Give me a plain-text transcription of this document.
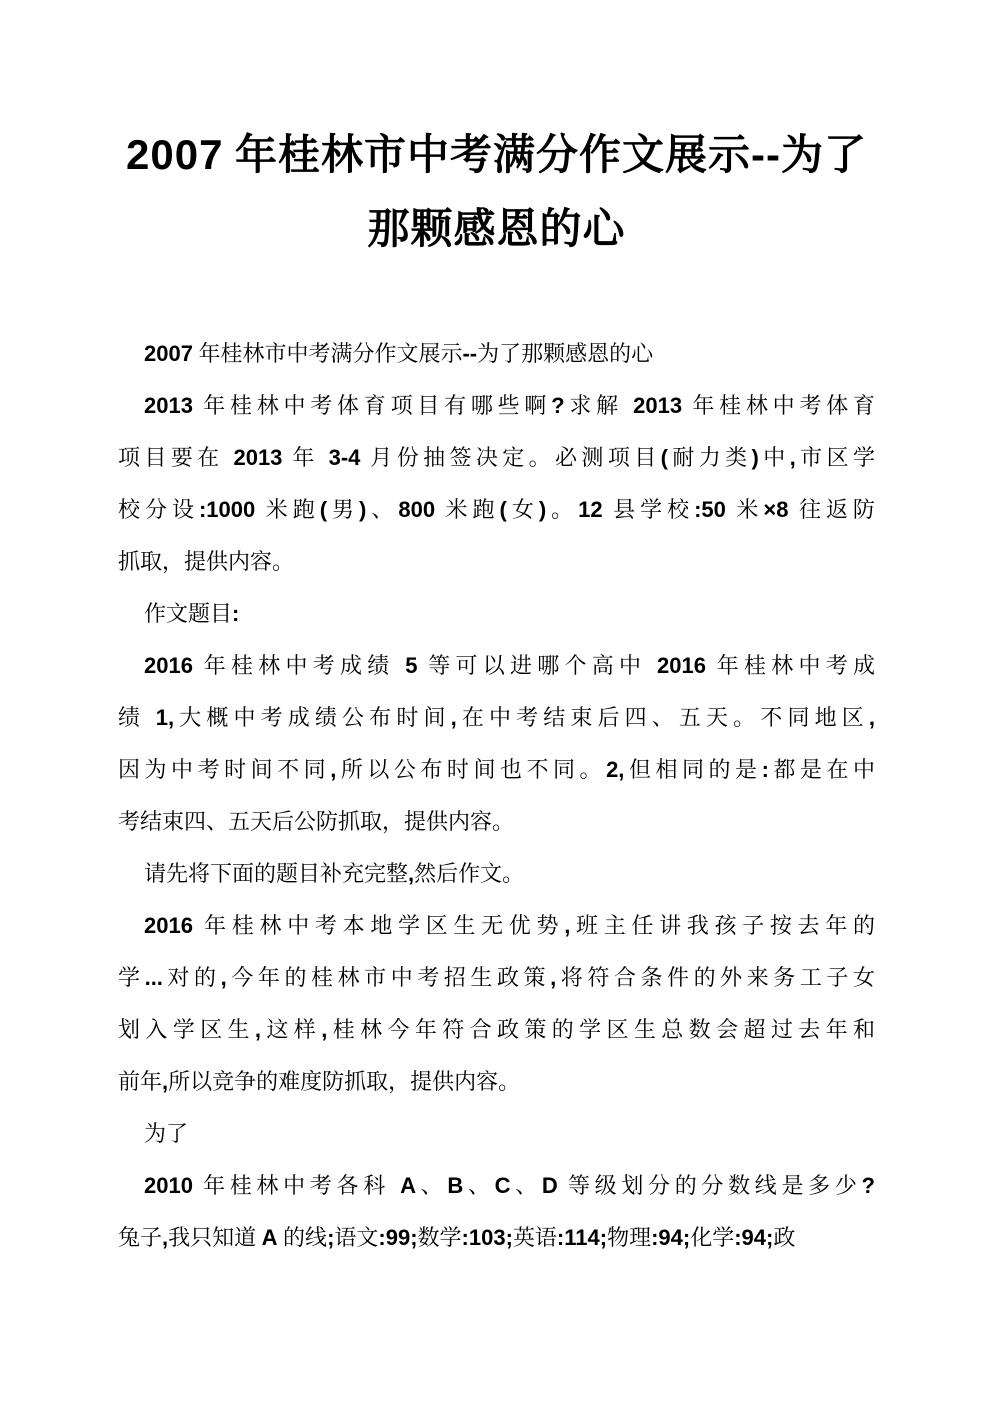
2007 年桂林市中考满分作文展示--为了
那颗感恩的心
2007 年桂林市中考满分作文展示--为了那颗感恩的心
2013 年桂林中考体育项目有哪些啊?求解 2013 年桂林中考体育
项目要在 2013 年 3-4 月份抽签决定。必测项目(耐力类)中,市区学
校分设:1000 米跑(男)、800 米跑(女)。12 县学校:50 米×8 往返防
抓取，提供内容。
作文题目:
2016 年桂林中考成绩 5 等可以进哪个高中 2016 年桂林中考成
绩 1,大概中考成绩公布时间,在中考结束后四、五天。不同地区,
因为中考时间不同,所以公布时间也不同。2,但相同的是:都是在中
考结束四、五天后公防抓取，提供内容。
请先将下面的题目补充完整,然后作文。
2016 年桂林中考本地学区生无优势,班主任讲我孩子按去年的
学...对的,今年的桂林市中考招生政策,将符合条件的外来务工子女
划入学区生,这样,桂林今年符合政策的学区生总数会超过去年和
前年,所以竞争的难度防抓取，提供内容。
为了
2010 年桂林中考各科 A、B、C、D 等级划分的分数线是多少?
兔子,我只知道 A 的线;语文:99;数学:103;英语:114;物理:94;化学:94;政
